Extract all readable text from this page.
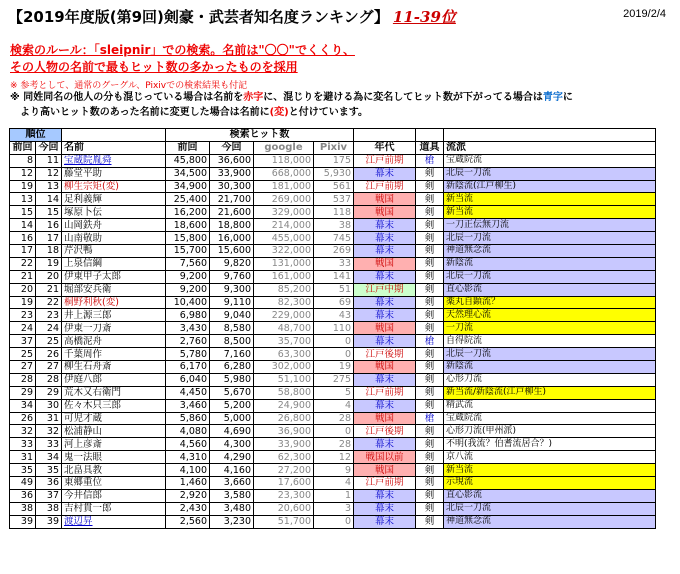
【2019年度版(第9回)剣豪・武芸者知名度ランキング】 11-39位	2019/2/4
検索のルール：「sleipnir」での検索。名前は"〇〇"でくくり、
その人物の名前で最もヒット数の多かったものを採用
※ 参考として、通常のグーグル、Pixivでの検索結果も付記
※ 同姓同名の他人の分も混じっている場合は名前を赤字に、混じりを避ける為に変名してヒット数が下がってる場合は青字に
　より高いヒット数のあった名前に変更した場合は名前に(変)と付けています。
順位			検索ヒット数						
前回	今回	名前	前回	今回	google	Pixiv	年代	道具	流派
8	11	宝蔵院胤舜	45,800	36,600	118,000	175	江戸前期	槍	宝蔵院流
12	12	藤堂平助	34,500	33,900	668,000	5,930	幕末	剣	北辰一刀流
19	13	柳生宗矩(変)	34,900	30,300	181,000	561	江戸前期	剣	新陰流(江戸柳生)
13	14	足利義輝	25,400	21,700	269,000	537	戦国	剣	新当流
15	15	塚原卜伝	16,200	21,600	329,000	118	戦国	剣	新当流
14	16	山岡鉄舟	18,600	18,800	214,000	38	幕末	剣	一刀正伝無刀流
16	17	山南敬助	15,800	16,000	455,000	745	幕末	剣	北辰一刀流
17	18	芹沢鴨	15,700	15,600	322,000	269	幕末	剣	神道無念流
22	19	上泉信綱	7,560	9,820	131,000	33	戦国	剣	新陰流
21	20	伊東甲子太郎	9,200	9,760	161,000	141	幕末	剣	北辰一刀流
20	21	堀部安兵衛	9,200	9,300	85,200	51	江戸中期	剣	直心影流
19	22	桐野利秋(変)	10,400	9,110	82,300	69	幕末	剣	薬丸自顕流？
23	23	井上源三郎	6,980	9,040	229,000	43	幕末	剣	天然理心流
24	24	伊東一刀斎	3,430	8,580	48,700	110	戦国	剣	一刀流
37	25	高橋泥舟	2,760	8,500	35,700	0	幕末	槍	自得院流
25	26	千葉周作	5,780	7,160	63,300	0	江戸後期	剣	北辰一刀流
27	27	柳生石舟斎	6,170	6,280	302,000	19	戦国	剣	新陰流
28	28	伊庭八郎	6,040	5,980	51,100	275	幕末	剣	心形刀流
29	29	荒木又右衛門	4,450	5,670	58,800	5	江戸前期	剣	新当流/新陰流(江戸柳生)
34	30	佐々木只三郎	3,460	5,200	24,900	4	幕末	剣	精武流
26	31	可児才蔵	5,860	5,000	26,800	28	戦国	槍	宝蔵院流
32	32	松浦静山	4,080	4,690	36,900	0	江戸後期	剣	心形刀流(甲州派)
33	33	河上彦斎	4,560	4,300	33,900	28	幕末	剣	不明(我流？伯耆流居合？)
31	34	鬼一法眼	4,310	4,290	62,300	12	戦国以前	剣	京八流
35	35	北畠具教	4,100	4,160	27,200	9	戦国	剣	新当流
49	36	東郷重位	1,460	3,660	17,600	4	江戸前期	剣	示現流
36	37	今井信郎	2,920	3,580	23,300	1	幕末	剣	直心影流
38	38	吉村貫一郎	2,430	3,480	20,600	3	幕末	剣	北辰一刀流
39	39	渡辺昇	2,560	3,230	51,700	0	幕末	剣	神道無念流
